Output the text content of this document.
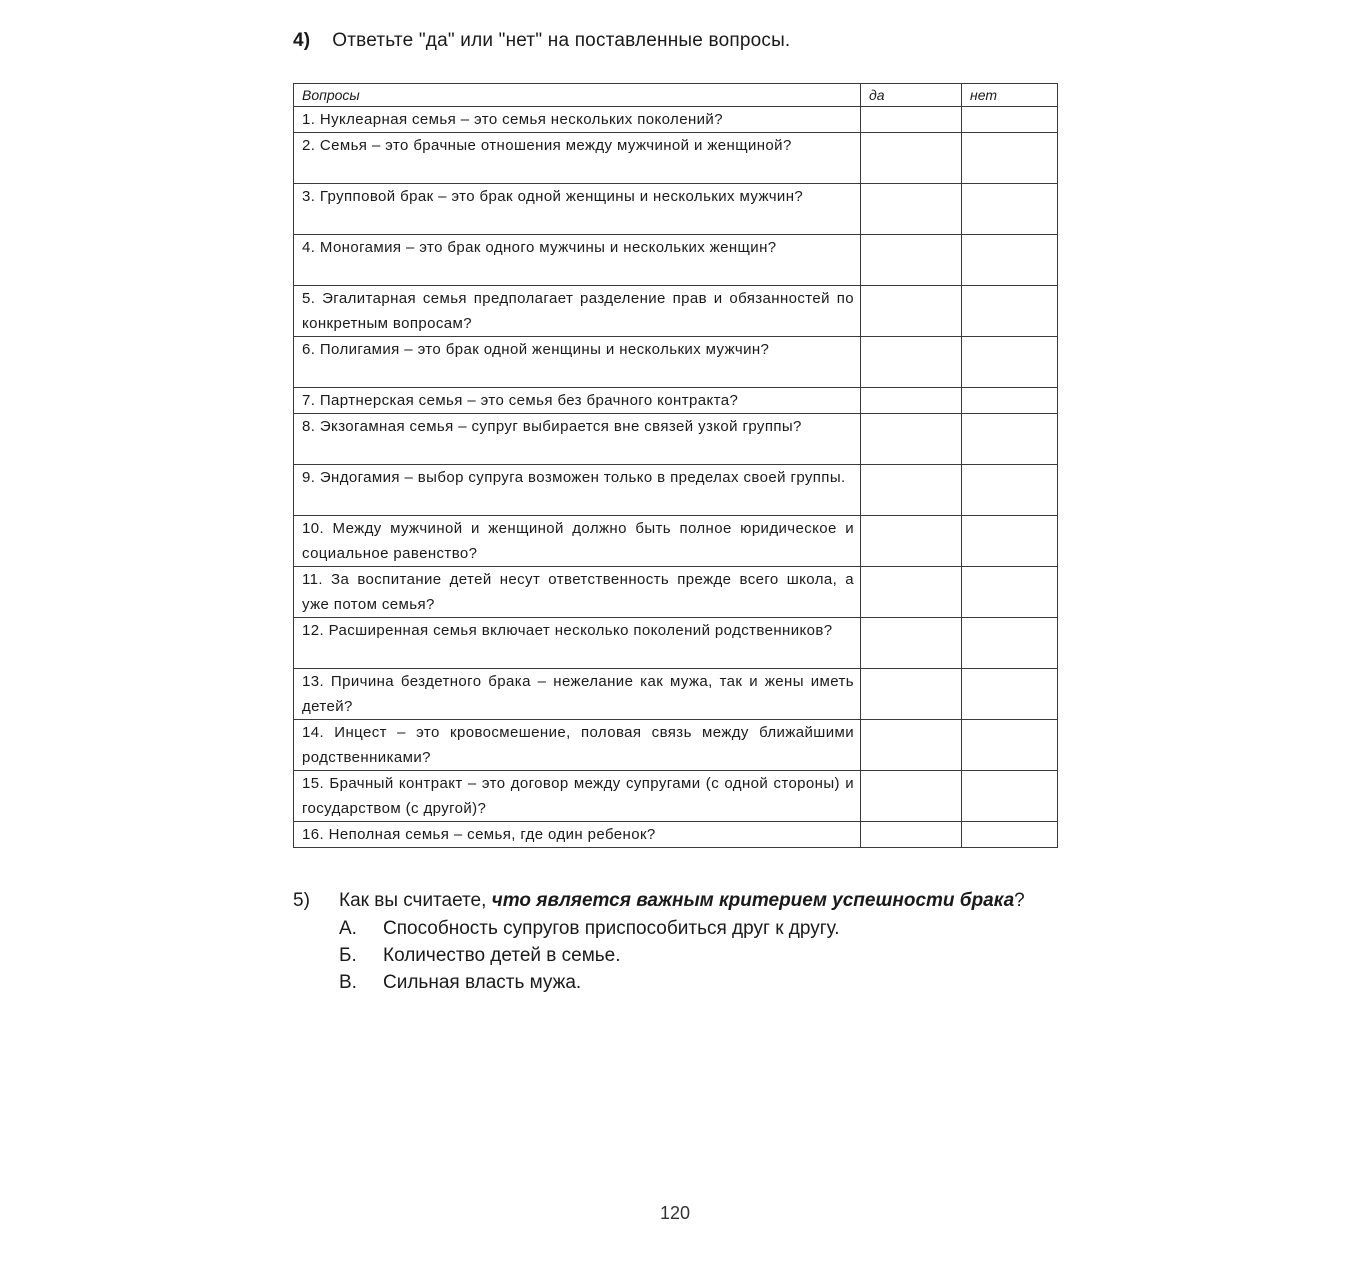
4) Ответьте "да" или "нет" на поставленные вопросы.
Вопросы	да	нет
1. Нуклеарная семья – это семья нескольких поколений?		
2. Семья – это брачные отношения между мужчиной и женщиной?		
3. Групповой брак – это брак одной женщины и нескольких мужчин?		
4. Моногамия – это брак одного мужчины и нескольких женщин?		
5. Эгалитарная семья предполагает разделение прав и обязанностей по конкретным вопросам?		
6. Полигамия – это брак одной женщины и нескольких мужчин?		
7. Партнерская семья – это семья без брачного контракта?		
8. Экзогамная семья – супруг выбирается вне связей узкой группы?		
9. Эндогамия – выбор супруга возможен только в пределах своей группы.		
10. Между мужчиной и женщиной должно быть полное юридическое и социальное равенство?		
11. За воспитание детей несут ответственность прежде всего школа, а уже потом семья?		
12. Расширенная семья включает несколько поколений родственников?		
13. Причина бездетного брака – нежелание как мужа, так и жены иметь детей?		
14. Инцест – это кровосмешение, половая связь между ближайшими родственниками?		
15. Брачный контракт – это договор между супругами (с одной стороны) и государством (с другой)?		
16. Неполная семья – семья, где один ребенок?		
5) Как вы считаете, что является важным критерием успешности брака?
А. Способность супругов приспособиться друг к другу.
Б. Количество детей в семье.
В. Сильная власть мужа.
120
